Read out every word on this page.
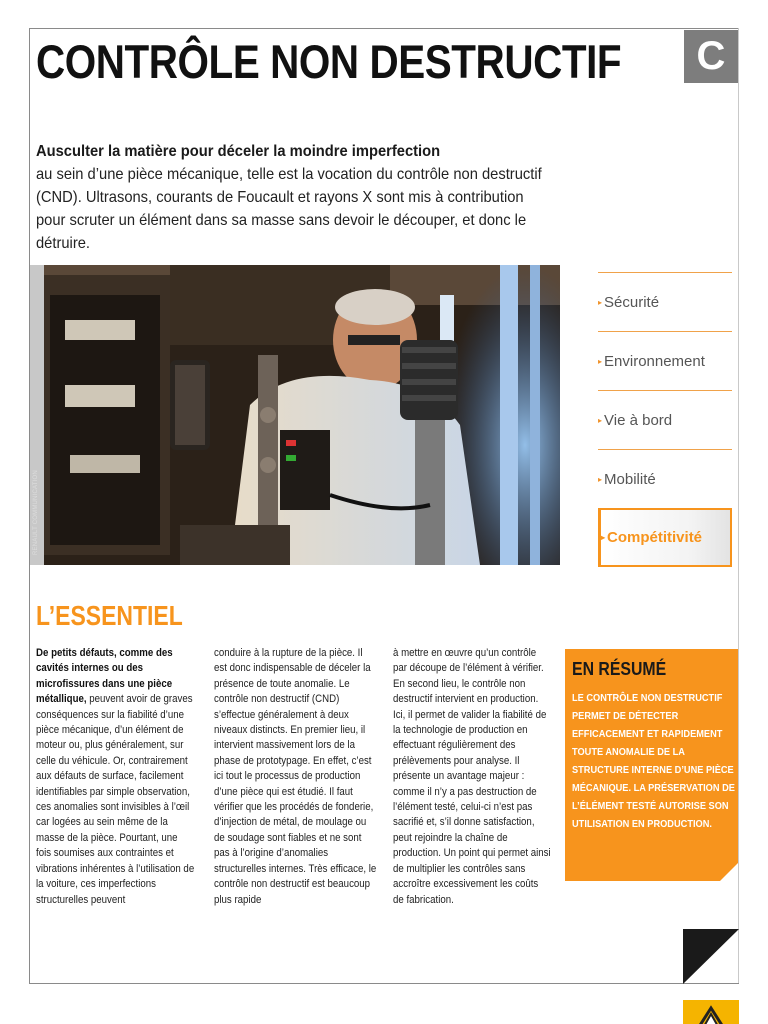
CONTRÔLE NON DESTRUCTIF	C
Ausculter la matière pour déceler la moindre imperfection
au sein d’une pièce mécanique, telle est la vocation du contrôle non destructif (CND). Ultrasons, courants de Foucault et rayons X sont mis à contribution pour scruter un élément dans sa masse sans devoir le découper, et donc le détruire.
RENAULT COMMUNICATION
▸ Sécurité
▸ Environnement
▸ Vie à bord
▸ Mobilité
▸ Compétitivité
L’ESSENTIEL
De petits défauts, comme des cavités internes ou des microfissures dans une pièce métallique, peuvent avoir de graves conséquences sur la fiabilité d’une pièce mécanique, d’un élément de moteur ou, plus généralement, sur celle du véhicule. Or, contrairement aux défauts de surface, facilement identifiables par simple observation, ces anomalies sont invisibles à l’œil car logées au sein même de la masse de la pièce. Pourtant, une fois soumises aux contraintes et vibrations inhérentes à l’utilisation de la voiture, ces imperfections structurelles peuvent
conduire à la rupture de la pièce. Il est donc indispensable de déceler la présence de toute anomalie. Le contrôle non destructif (CND) s’effectue généralement à deux niveaux distincts. En premier lieu, il intervient massivement lors de la phase de prototypage. En effet, c’est ici tout le processus de production d’une pièce qui est étudié. Il faut vérifier que les procédés de fonderie, d’injection de métal, de moulage ou de soudage sont fiables et ne sont pas à l’origine d’anomalies structurelles internes. Très efficace, le contrôle non destructif est beaucoup plus rapide
à mettre en œuvre qu’un contrôle par découpe de l’élément à vérifier. En second lieu, le contrôle non destructif intervient en production. Ici, il permet de valider la fiabilité de la technologie de production en effectuant régulièrement des prélèvements pour analyse. Il présente un avantage majeur : comme il n’y a pas destruction de l’élément testé, celui-ci n’est pas sacrifié et, s’il donne satisfaction, peut rejoindre la chaîne de production. Un point qui permet ainsi de multiplier les contrôles sans accroître excessivement les coûts de fabrication.
EN RÉSUMÉ

LE CONTRÔLE NON DESTRUCTIF PERMET DE DÉTECTER EFFICACEMENT ET RAPIDEMENT TOUTE ANOMALIE DE LA STRUCTURE INTERNE D’UNE PIÈCE MÉCANIQUE. LA PRÉSERVATION DE L’ÉLÉMENT TESTÉ AUTORISE SON UTILISATION EN PRODUCTION.
